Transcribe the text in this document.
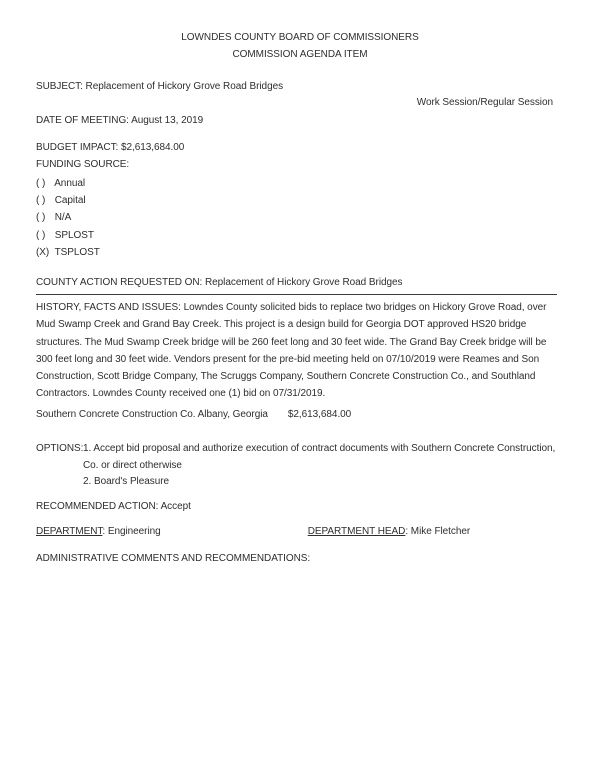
LOWNDES COUNTY BOARD OF COMMISSIONERS
COMMISSION AGENDA ITEM
SUBJECT: Replacement of Hickory Grove Road Bridges
Work Session/Regular Session
DATE OF MEETING: August 13, 2019
BUDGET IMPACT: $2,613,684.00
FUNDING SOURCE:
( ) Annual
( ) Capital
( ) N/A
( ) SPLOST
(X) TSPLOST
COUNTY ACTION REQUESTED ON: Replacement of Hickory Grove Road Bridges
HISTORY, FACTS AND ISSUES: Lowndes County solicited bids to replace two bridges on Hickory Grove Road, over Mud Swamp Creek and Grand Bay Creek. This project is a design build for Georgia DOT approved HS20 bridge structures. The Mud Swamp Creek bridge will be 260 feet long and 30 feet wide. The Grand Bay Creek bridge will be 300 feet long and 30 feet wide. Vendors present for the pre-bid meeting held on 07/10/2019 were Reames and Son Construction, Scott Bridge Company, The Scruggs Company, Southern Concrete Construction Co., and Southland Contractors. Lowndes County received one (1) bid on 07/31/2019.
Southern Concrete Construction Co. Albany, Georgia $2,613,684.00
OPTIONS: 1. Accept bid proposal and authorize execution of contract documents with Southern Concrete Construction, Co. or direct otherwise
2. Board's Pleasure
RECOMMENDED ACTION: Accept
DEPARTMENT: Engineering	DEPARTMENT HEAD: Mike Fletcher
ADMINISTRATIVE COMMENTS AND RECOMMENDATIONS:
